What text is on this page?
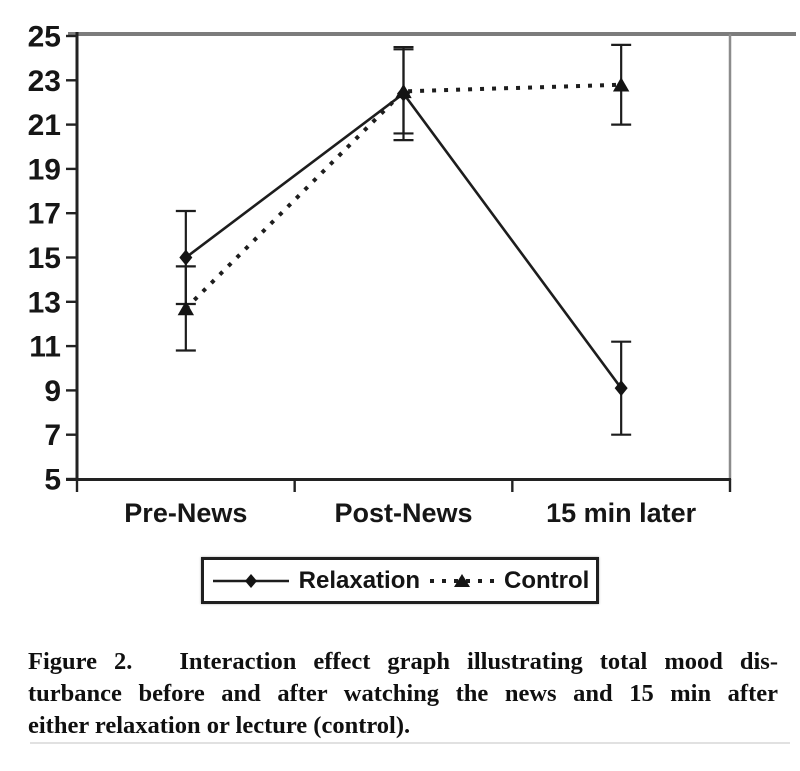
5
7
9
11
13
15
17
19
21
23
25
Pre-News	Post-News	15 min later
Relaxation	Control
Figure 2. Interaction effect graph illustrating total mood dis-
turbance before and after watching the news and 15 min after
either relaxation or lecture (control).
